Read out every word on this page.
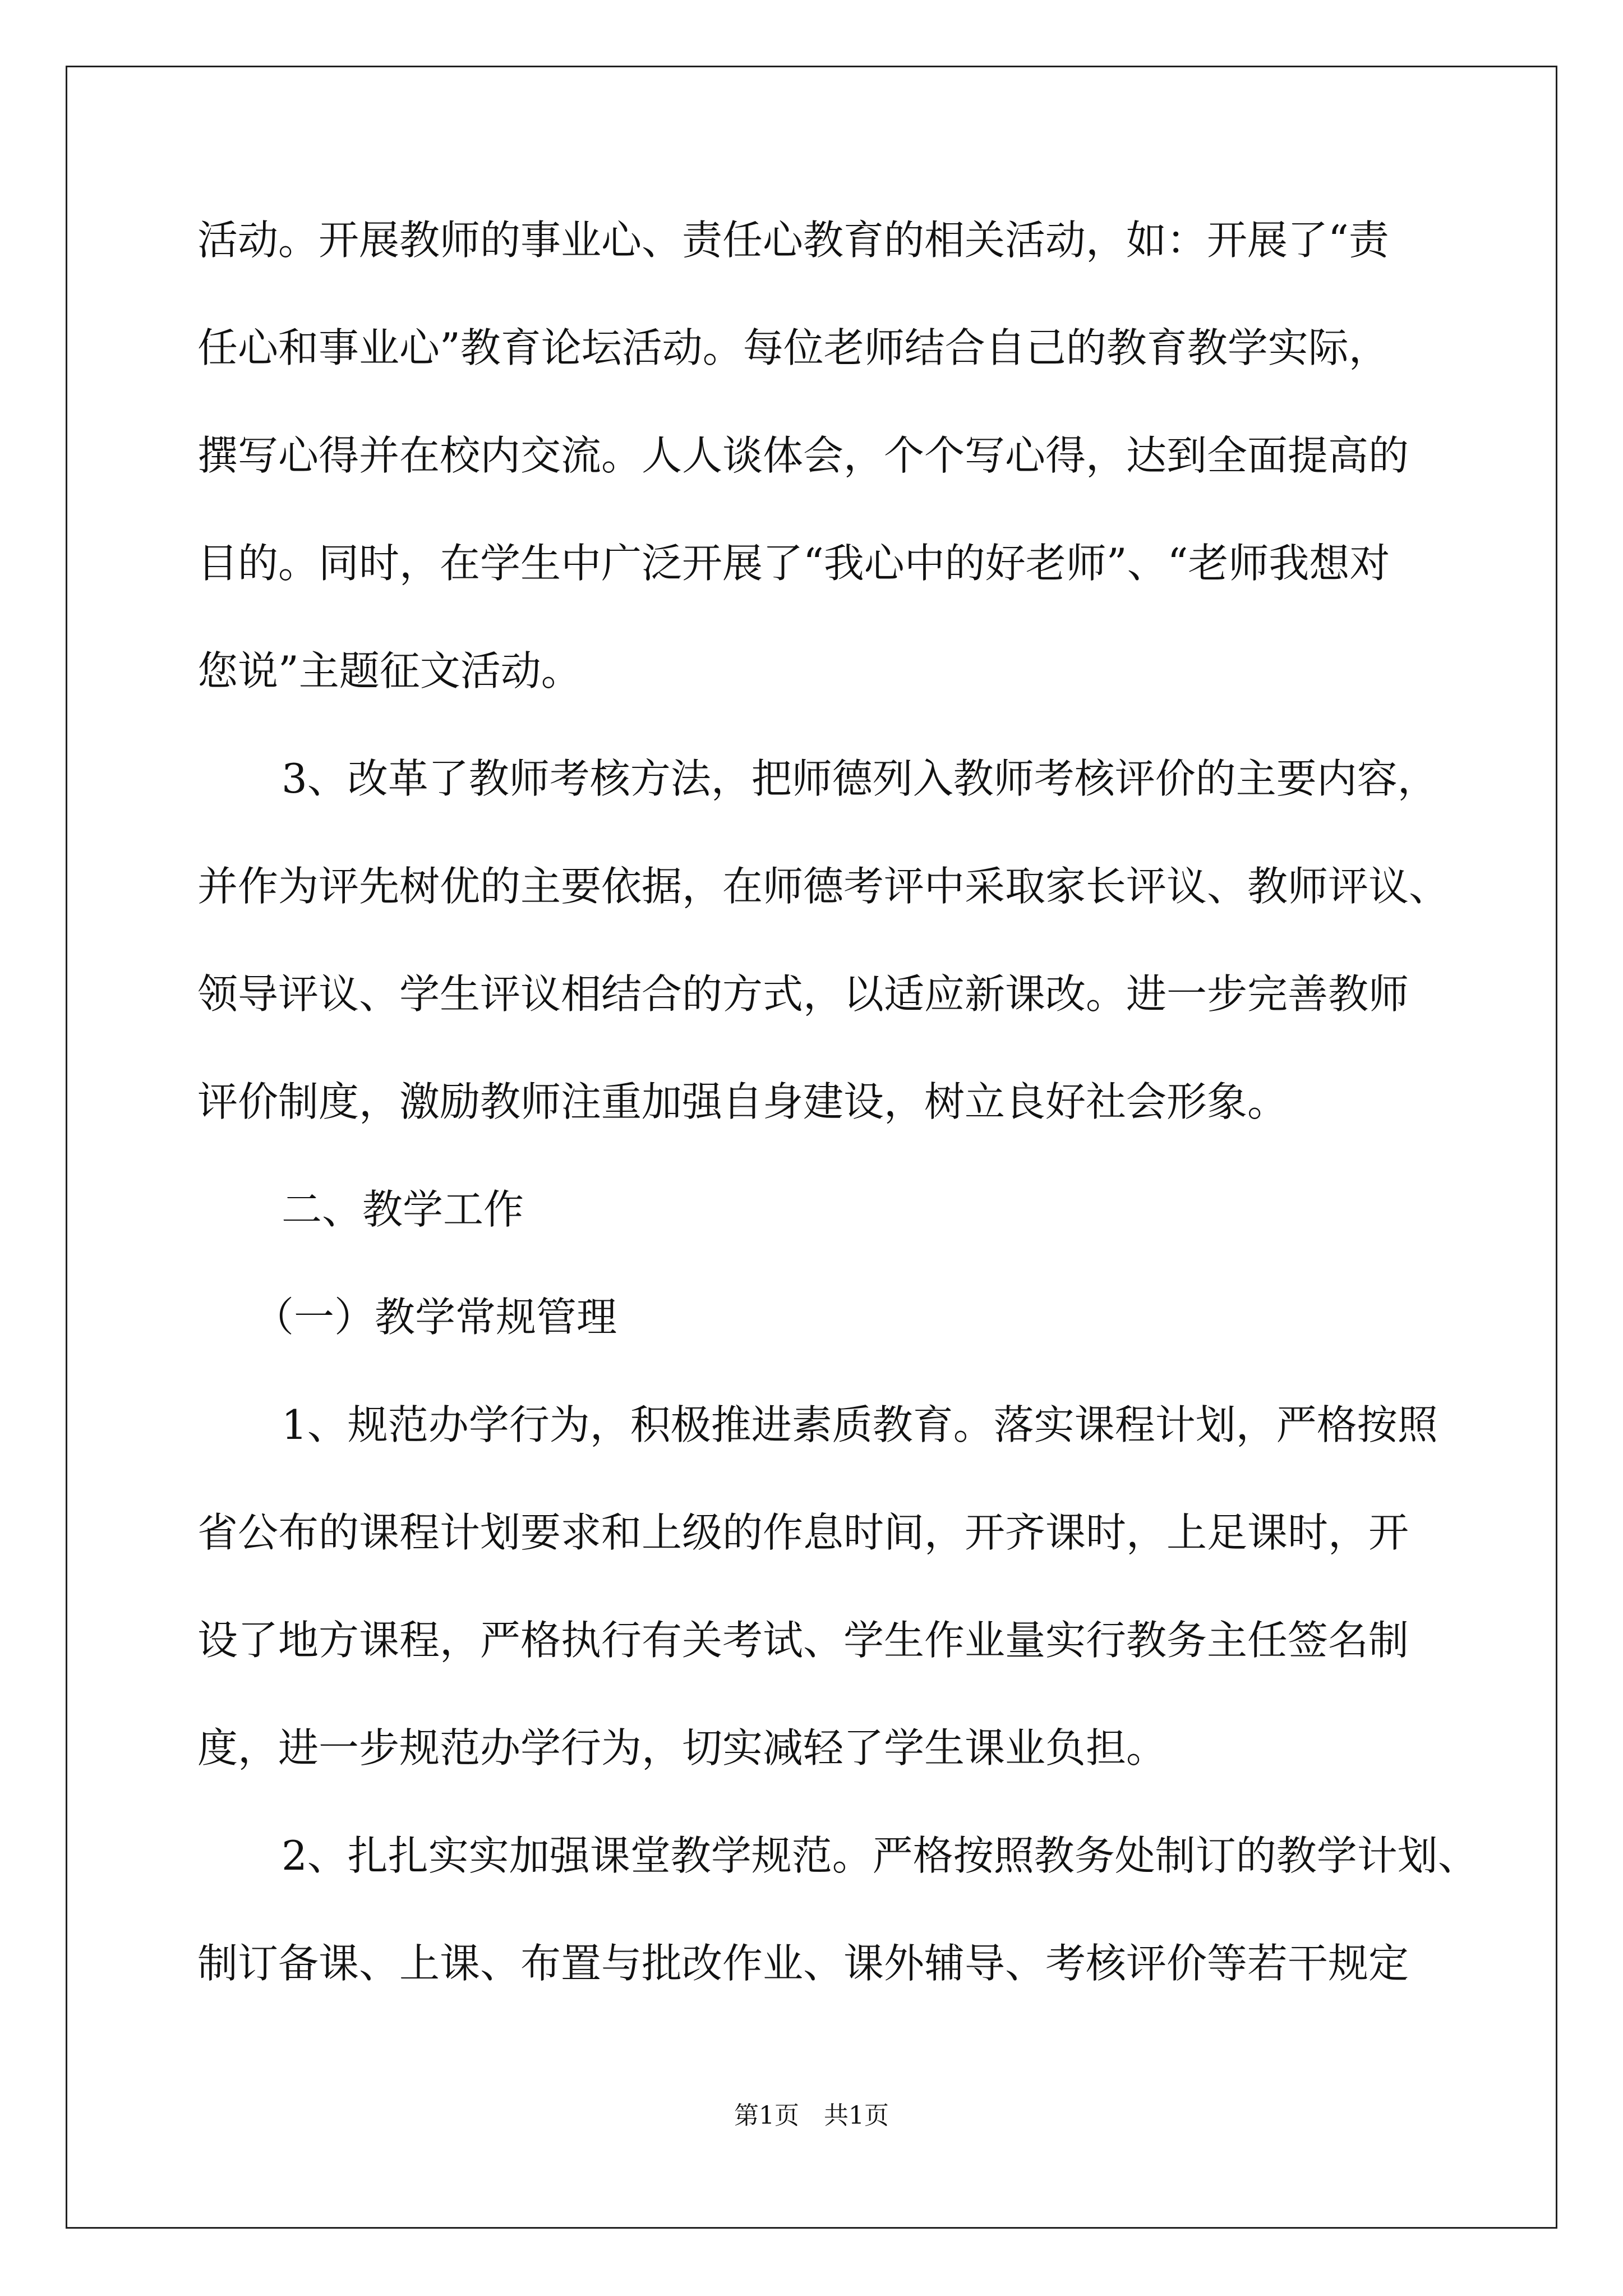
活动。开展教师的事业心、责任心教育的相关活动，如：开展了“责
任心和事业心”教育论坛活动。每位老师结合自己的教育教学实际，
撰写心得并在校内交流。人人谈体会，个个写心得，达到全面提高的
目的。同时，在学生中广泛开展了“我心中的好老师”、“老师我想对
您说”主题征文活动。
3、改革了教师考核方法，把师德列入教师考核评价的主要内容，
并作为评先树优的主要依据，在师德考评中采取家长评议、教师评议、
领导评议、学生评议相结合的方式，以适应新课改。进一步完善教师
评价制度，激励教师注重加强自身建设，树立良好社会形象。
二、教学工作
（一）教学常规管理
1、规范办学行为，积极推进素质教育。落实课程计划，严格按照
省公布的课程计划要求和上级的作息时间，开齐课时，上足课时，开
设了地方课程，严格执行有关考试、学生作业量实行教务主任签名制
度，进一步规范办学行为，切实减轻了学生课业负担。
2、扎扎实实加强课堂教学规范。严格按照教务处制订的教学计划、
制订备课、上课、布置与批改作业、课外辅导、考核评价等若干规定
第1页　共1页
